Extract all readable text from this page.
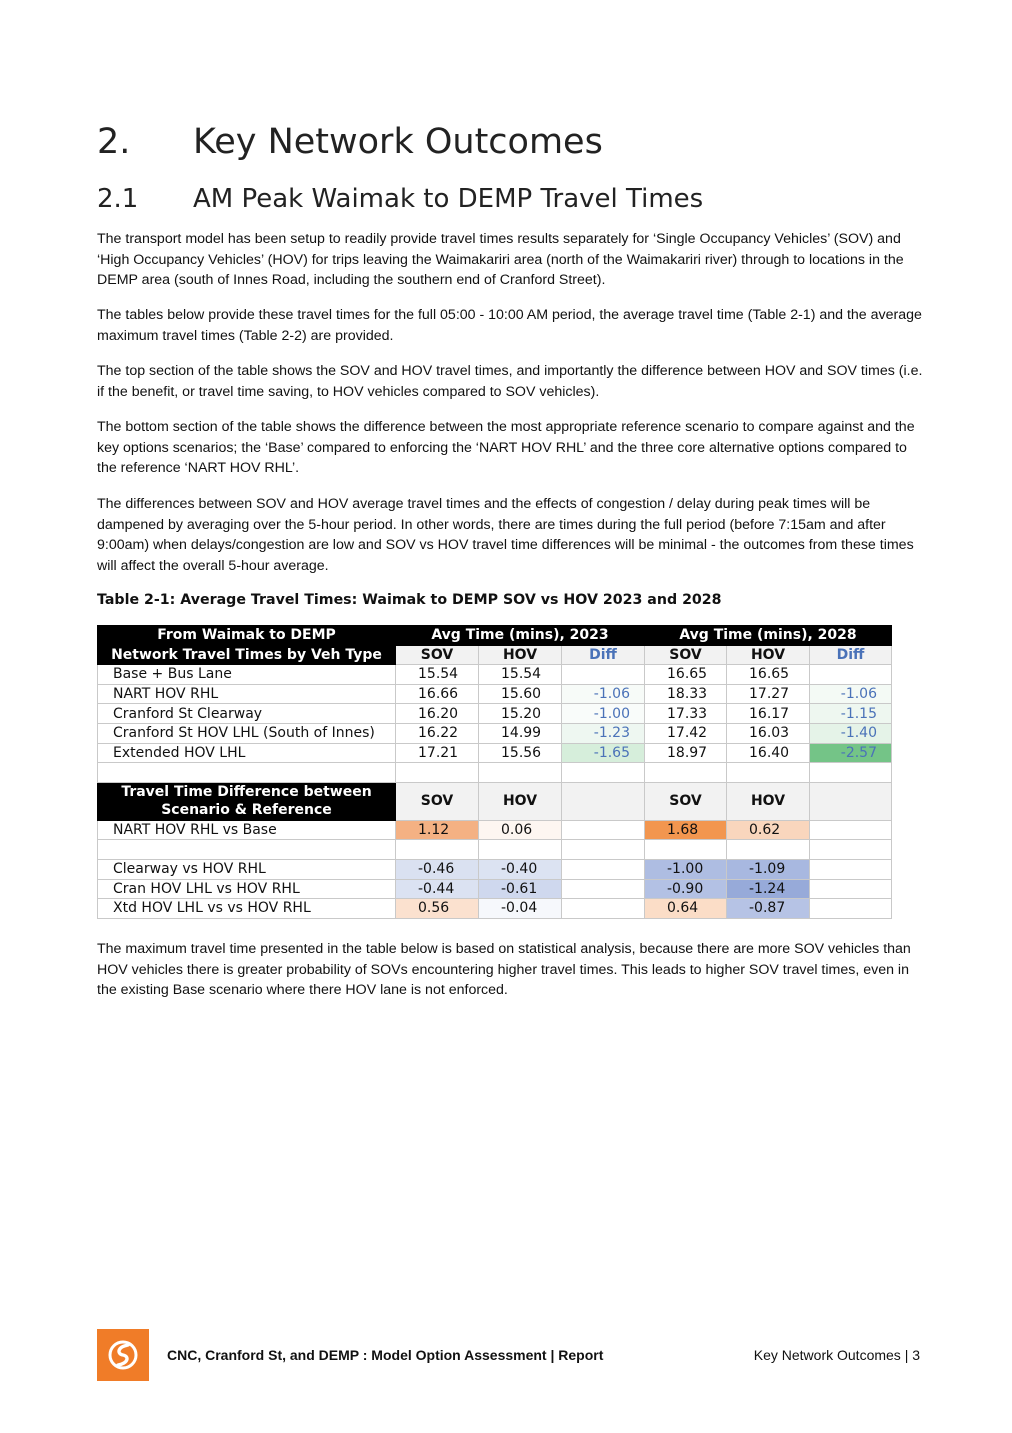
2. Key Network Outcomes
2.1 AM Peak Waimak to DEMP Travel Times

The transport model has been setup to readily provide travel times results separately for ‘Single Occupancy Vehicles’ (SOV) and ‘High Occupancy Vehicles’ (HOV) for trips leaving the Waimakariri area (north of the Waimakariri river) through to locations in the DEMP area (south of Innes Road, including the southern end of Cranford Street).

The tables below provide these travel times for the full 05:00 - 10:00 AM period, the average travel time (Table 2-1) and the average maximum travel times (Table 2-2) are provided.

The top section of the table shows the SOV and HOV travel times, and importantly the difference between HOV and SOV times (i.e. if the benefit, or travel time saving, to HOV vehicles compared to SOV vehicles).

The bottom section of the table shows the difference between the most appropriate reference scenario to compare against and the key options scenarios; the ‘Base’ compared to enforcing the ‘NART HOV RHL’ and the three core alternative options compared to the reference ‘NART HOV RHL’.

The differences between SOV and HOV average travel times and the effects of congestion / delay during peak times will be dampened by averaging over the 5-hour period. In other words, there are times during the full period (before 7:15am and after 9:00am) when delays/congestion are low and SOV vs HOV travel time differences will be minimal - the outcomes from these times will affect the overall 5-hour average.

Table 2-1: Average Travel Times: Waimak to DEMP SOV vs HOV 2023 and 2028
From Waimak to DEMP	Avg Time (mins), 2023			Avg Time (mins), 2028		
Network Travel Times by Veh Type	SOV	HOV	Diff	SOV	HOV	Diff
Base + Bus Lane	15.54	15.54		16.65	16.65	
NART HOV RHL	16.66	15.60	-1.06	18.33	17.27	-1.06
Cranford St Clearway	16.20	15.20	-1.00	17.33	16.17	-1.15
Cranford St HOV LHL (South of Innes)	16.22	14.99	-1.23	17.42	16.03	-1.40
Extended HOV LHL	17.21	15.56	-1.65	18.97	16.40	-2.57

Travel Time Difference between
Scenario & Reference	SOV	HOV		SOV	HOV	
NART HOV RHL vs Base	1.12	0.06		1.68	0.62	

Clearway vs HOV RHL	-0.46	-0.40		-1.00	-1.09	
Cran HOV LHL vs HOV RHL	-0.44	-0.61		-0.90	-1.24	
Xtd HOV LHL vs vs HOV RHL	0.56	-0.04		0.64	-0.87	

The maximum travel time presented in the table below is based on statistical analysis, because there are more SOV vehicles than HOV vehicles there is greater probability of SOVs encountering higher travel times. This leads to higher SOV travel times, even in the existing Base scenario where there HOV lane is not enforced.

CNC, Cranford St, and DEMP : Model Option Assessment | Report	Key Network Outcomes | 3
